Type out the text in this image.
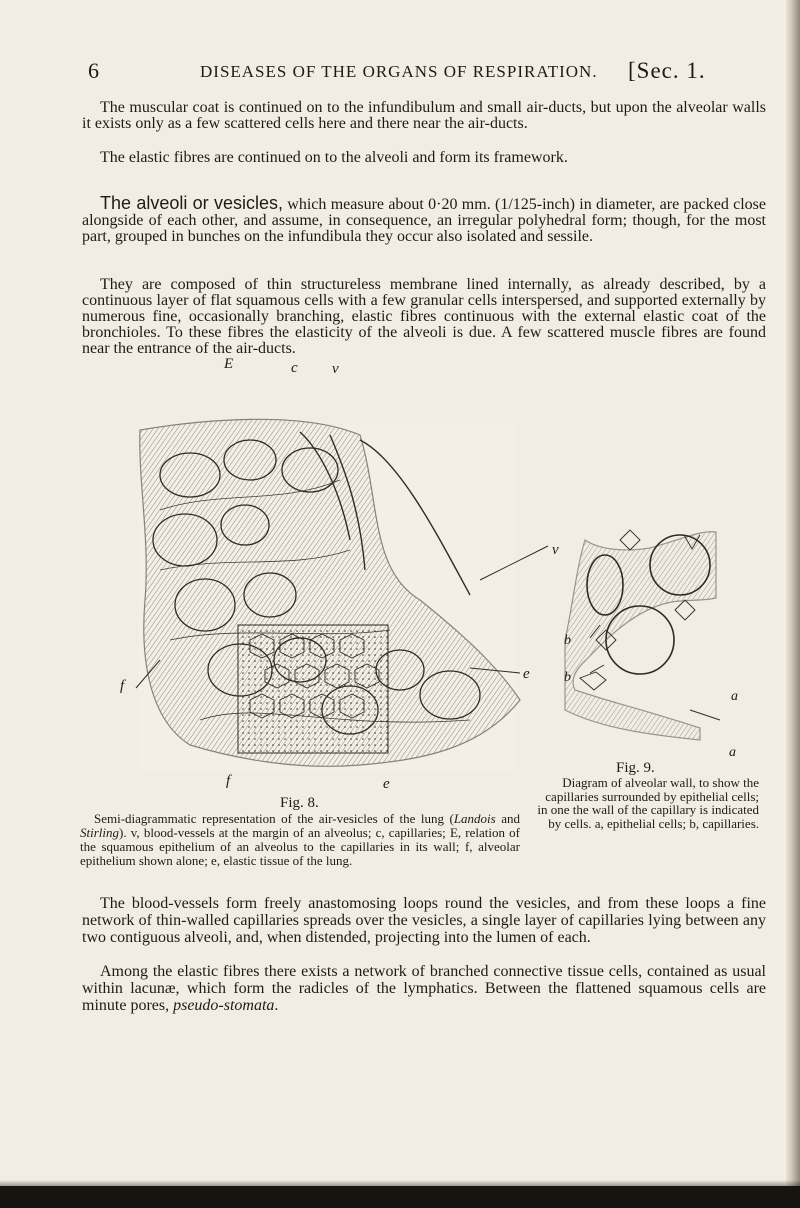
6	DISEASES OF THE ORGANS OF RESPIRATION. [Sec. 1.

The muscular coat is continued on to the infundibulum and small air-ducts, but upon the alveolar walls it exists only as a few scattered cells here and there near the air-ducts.

The elastic fibres are continued on to the alveoli and form its framework.

The alveoli or vesicles, which measure about 0·20 mm. (1/125-inch) in diameter, are packed close alongside of each other, and assume, in consequence, an irregular polyhedral form; though, for the most part, grouped in bunches on the infundibula they occur also isolated and sessile.

They are composed of thin structureless membrane lined internally, as already described, by a continuous layer of flat squamous cells with a few granular cells interspersed, and supported externally by numerous fine, occasionally branching, elastic fibres continuous with the external elastic coat of the bronchioles. To these fibres the elasticity of the alveoli is due. A few scattered muscle fibres are found near the entrance of the air-ducts.

E	c v
v
f
e
f	e
b
b
a
a
Fig. 8.

Semi-diagrammatic representation of the air-vesicles of the lung (Landois and Stirling). v, blood-vessels at the margin of an alveolus; c, capillaries; E, relation of the squamous epithelium of an alveolus to the capillaries in its wall; f, alveolar epithelium shown alone; e, elastic tissue of the lung.

Fig. 9.
Diagram of alveolar wall, to show the capillaries surrounded by epithelial cells; in one the wall of the capillary is indicated by cells. a, epithelial cells; b, capillaries.

The blood-vessels form freely anastomosing loops round the vesicles, and from these loops a fine network of thin-walled capillaries spreads over the vesicles, a single layer of capillaries lying between any two contiguous alveoli, and, when distended, projecting into the lumen of each.

Among the elastic fibres there exists a network of branched connective tissue cells, contained as usual within lacunæ, which form the radicles of the lymphatics. Between the flattened squamous cells are minute pores, pseudo-stomata.
